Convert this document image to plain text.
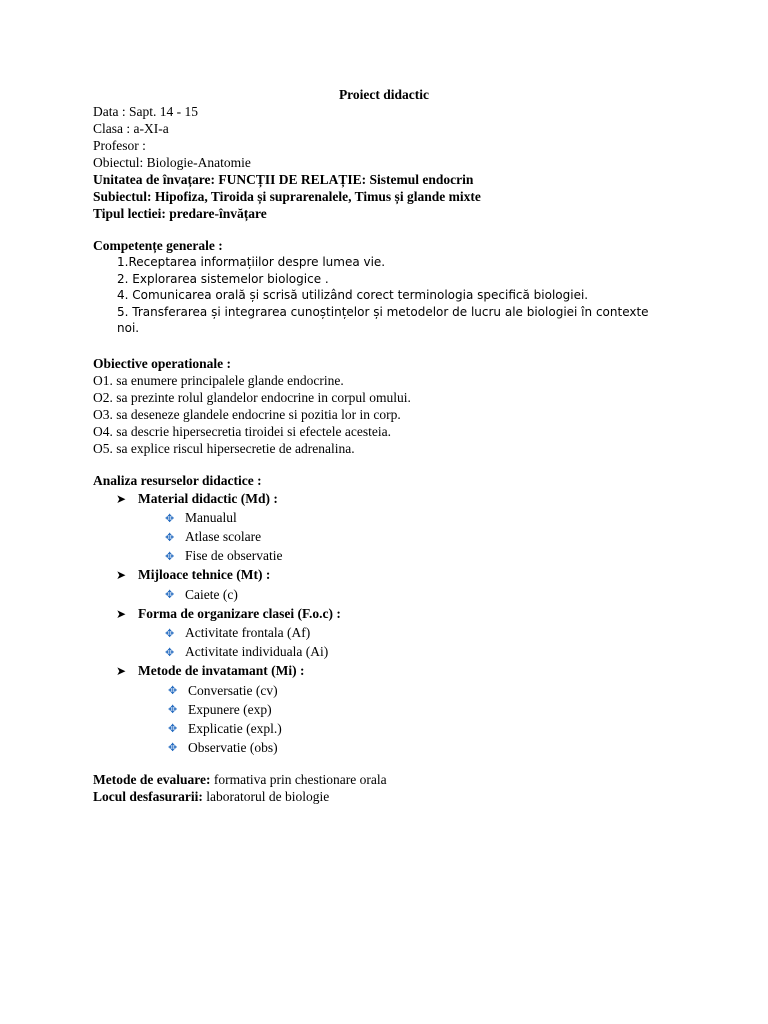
Proiect didactic
Data : Sapt. 14 - 15
Clasa : a-XI-a
Profesor :
Obiectul: Biologie-Anatomie
Unitatea de învațare: FUNCȚII DE RELAȚIE: Sistemul endocrin
Subiectul: Hipofiza, Tiroida și suprarenalele, Timus și glande mixte
Tipul lectiei: predare-învățare
Competențe generale :
1.Receptarea informațiilor despre lumea vie.
2. Explorarea sistemelor biologice .
4. Comunicarea orală și scrisă utilizând corect terminologia specifică biologiei.
5. Transferarea și integrarea cunoștințelor și metodelor de lucru ale biologiei în contexte noi.
Obiective operationale :
O1. sa enumere principalele glande endocrine.
O2. sa prezinte rolul glandelor endocrine in corpul omului.
O3. sa deseneze glandele endocrine si pozitia lor in corp.
O4. sa descrie hipersecretia tiroidei si efectele acesteia.
O5. sa explice riscul hipersecretie de adrenalina.
Analiza resurselor didactice :
➤ Material didactic (Md) :
✥ Manualul
✥ Atlase scolare
✥ Fise de observatie
➤ Mijloace tehnice (Mt) :
✥ Caiete (c)
➤ Forma de organizare clasei (F.o.c) :
✥ Activitate frontala (Af)
✥ Activitate individuala (Ai)
➤ Metode de invatamant (Mi) :
✥ Conversatie (cv)
✥ Expunere (exp)
✥ Explicatie (expl.)
✥ Observatie (obs)
Metode de evaluare: formativa prin chestionare orala
Locul desfasurarii: laboratorul de biologie
